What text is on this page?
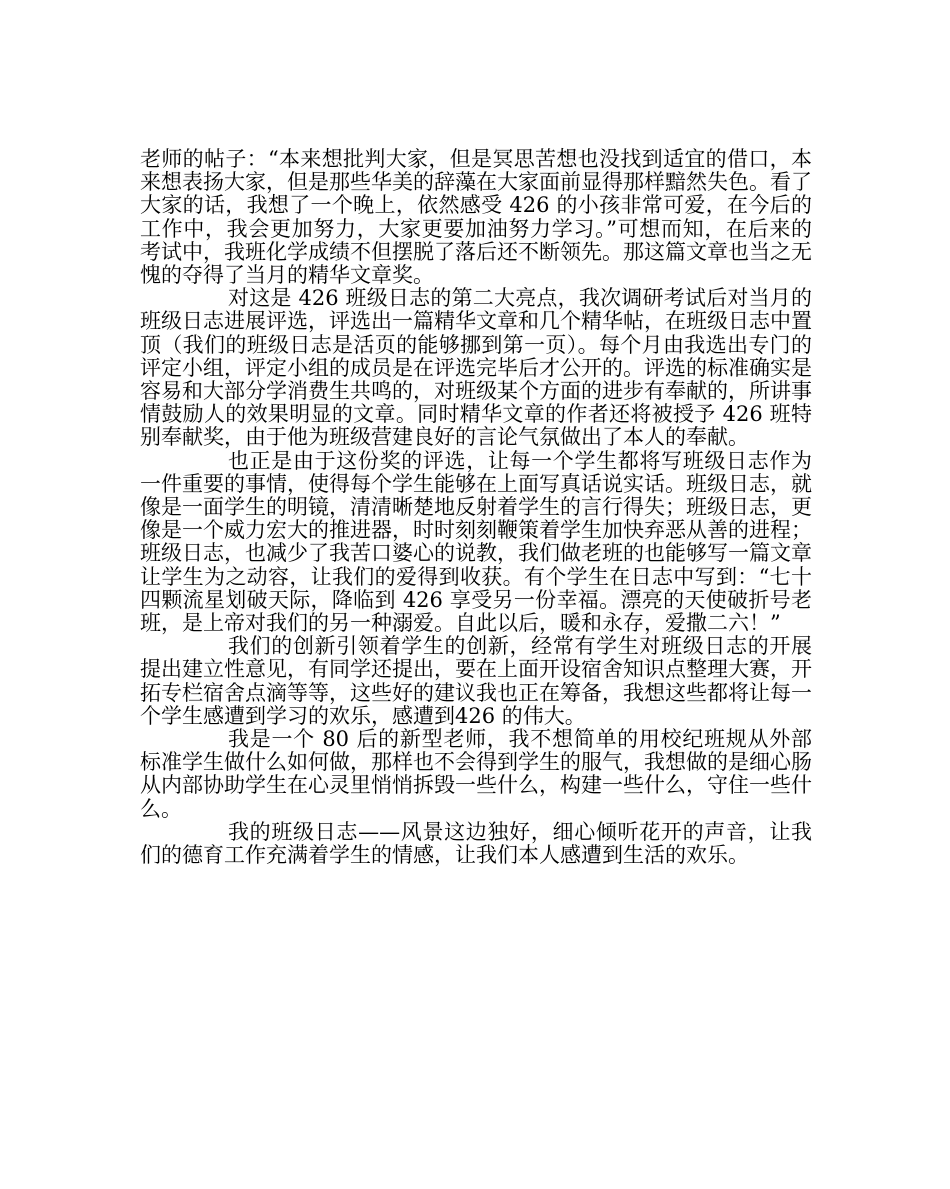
老师的帖子：“本来想批判大家，但是冥思苦想也没找到适宜的借口，本来想表扬大家，但是那些华美的辞藻在大家面前显得那样黯然失色。看了大家的话，我想了一个晚上，依然感受 426 的小孩非常可爱，在今后的工作中，我会更加努力，大家更要加油努力学习。”可想而知，在后来的考试中，我班化学成绩不但摆脱了落后还不断领先。那这篇文章也当之无愧的夺得了当月的精华文章奖。

对这是 426 班级日志的第二大亮点，我次调研考试后对当月的班级日志进展评选，评选出一篇精华文章和几个精华帖，在班级日志中置顶（我们的班级日志是活页的能够挪到第一页）。每个月由我选出专门的评定小组，评定小组的成员是在评选完毕后才公开的。评选的标准确实是容易和大部分学消费生共鸣的，对班级某个方面的进步有奉献的，所讲事情鼓励人的效果明显的文章。同时精华文章的作者还将被授予 426 班特别奉献奖，由于他为班级营建良好的言论气氛做出了本人的奉献。

也正是由于这份奖的评选，让每一个学生都将写班级日志作为一件重要的事情，使得每个学生能够在上面写真话说实话。班级日志，就像是一面学生的明镜，清清晰楚地反射着学生的言行得失；班级日志，更像是一个威力宏大的推进器，时时刻刻鞭策着学生加快弃恶从善的进程；班级日志，也减少了我苦口婆心的说教，我们做老班的也能够写一篇文章让学生为之动容，让我们的爱得到收获。有个学生在日志中写到：“七十四颗流星划破天际，降临到 426 享受另一份幸福。漂亮的天使破折号老班，是上帝对我们的另一种溺爱。自此以后，暖和永存，爱撒二六！”

我们的创新引领着学生的创新，经常有学生对班级日志的开展提出建立性意见，有同学还提出，要在上面开设宿舍知识点整理大赛，开拓专栏宿舍点滴等等，这些好的建议我也正在筹备，我想这些都将让每一个学生感遭到学习的欢乐，感遭到426 的伟大。

我是一个 80 后的新型老师，我不想简单的用校纪班规从外部标准学生做什么如何做，那样也不会得到学生的服气，我想做的是细心肠从内部协助学生在心灵里悄悄拆毁一些什么，构建一些什么，守住一些什么。

我的班级日志——风景这边独好，细心倾听花开的声音，让我们的德育工作充满着学生的情感，让我们本人感遭到生活的欢乐。
